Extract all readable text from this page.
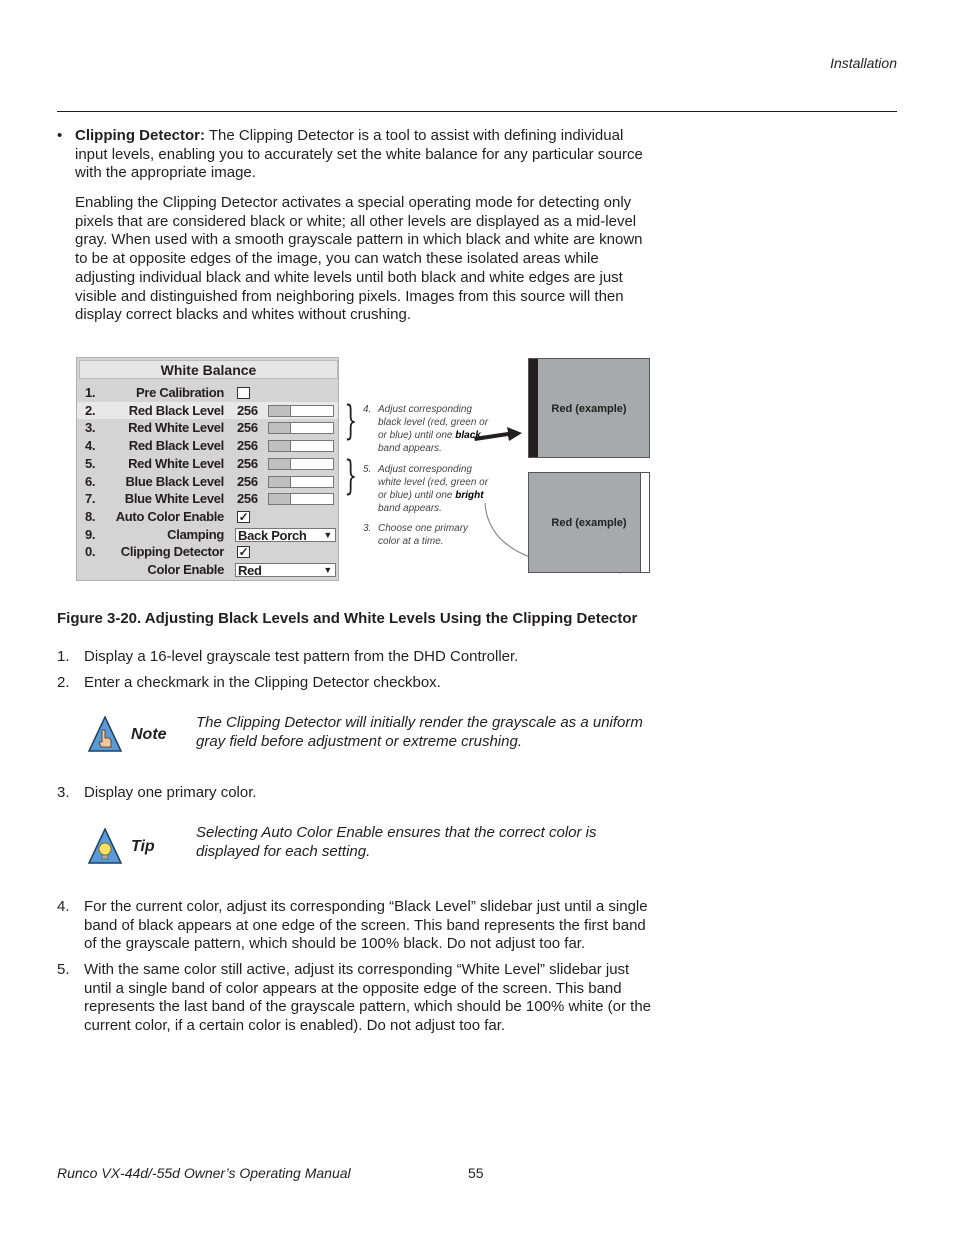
Installation
• Clipping Detector: The Clipping Detector is a tool to assist with defining individual input levels, enabling you to accurately set the white balance for any particular source with the appropriate image.
Enabling the Clipping Detector activates a special operating mode for detecting only pixels that are considered black or white; all other levels are displayed as a mid-level gray. When used with a smooth grayscale pattern in which black and white are known to be at opposite edges of the image, you can watch these isolated areas while adjusting individual black and white levels until both black and white edges are just visible and distinguished from neighboring pixels. Images from this source will then display correct blacks and whites without crushing.
White Balance
1.	Pre Calibration
2.	Red Black Level 256
3.	Red White Level 256
4.	Red Black Level 256
5.	Red White Level 256
6. Blue Black Level 256
7. Blue White Level 256
8. Auto Color Enable ✓
9.	Clamping Back Porch ▼
0. Clipping Detector ✓
Color Enable Red	▼
}
}
4. Adjust corresponding black level (red, green or or blue) until one black band appears.
5. Adjust corresponding white level (red, green or or blue) until one bright band appears.
3. Choose one primary color at a time.
Red (example)
Red (example)
Figure 3-20. Adjusting Black Levels and White Levels Using the Clipping Detector
1. Display a 16-level grayscale test pattern from the DHD Controller.
2. Enter a checkmark in the Clipping Detector checkbox.
Note
The Clipping Detector will initially render the grayscale as a uniform gray field before adjustment or extreme crushing.
3. Display one primary color.
Tip
Selecting Auto Color Enable ensures that the correct color is displayed for each setting.
4. For the current color, adjust its corresponding “Black Level” slidebar just until a single band of black appears at one edge of the screen. This band represents the first band of the grayscale pattern, which should be 100% black. Do not adjust too far.
5. With the same color still active, adjust its corresponding “White Level” slidebar just until a single band of color appears at the opposite edge of the screen. This band represents the last band of the grayscale pattern, which should be 100% white (or the current color, if a certain color is enabled). Do not adjust too far.
Runco VX-44d/-55d Owner’s Operating Manual	55
